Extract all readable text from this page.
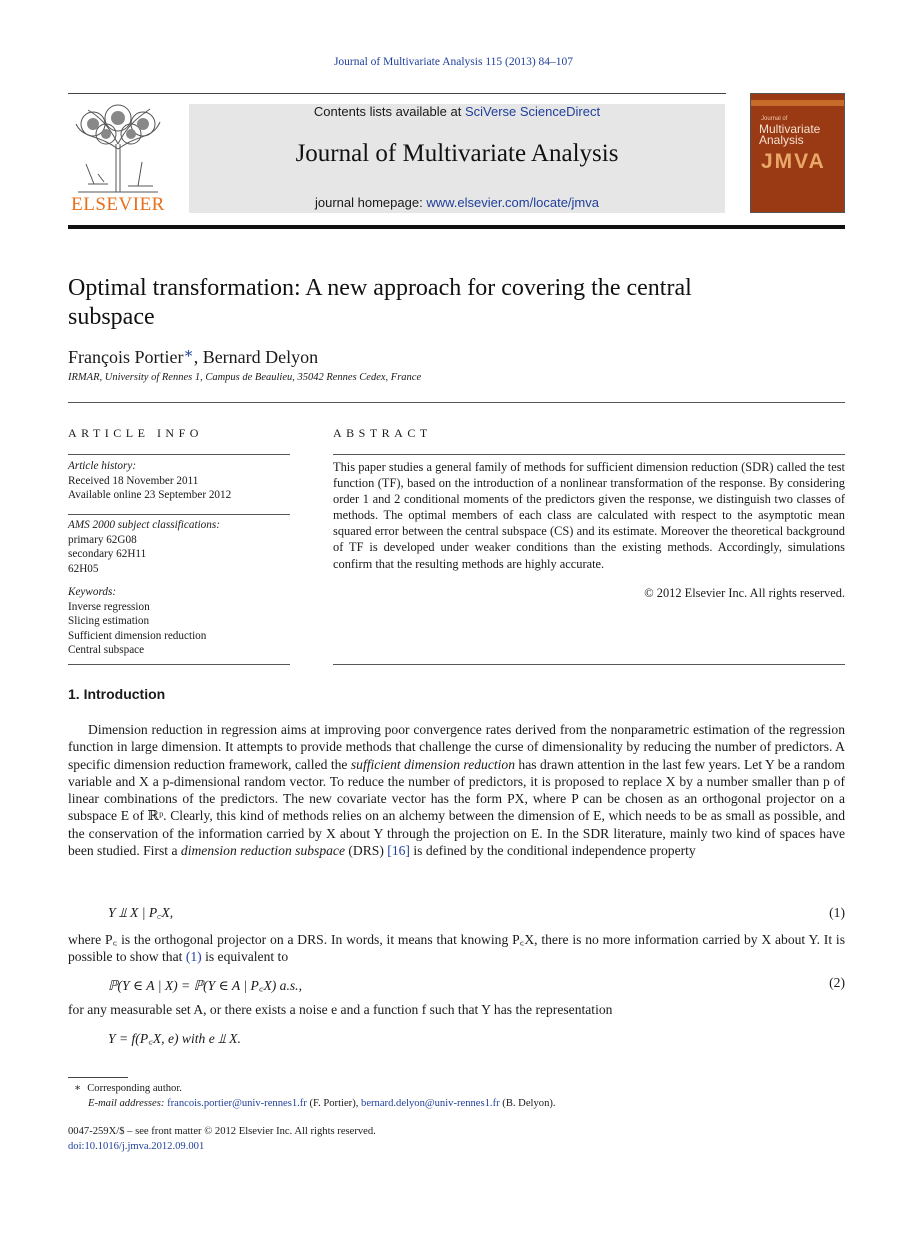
Journal of Multivariate Analysis 115 (2013) 84–107
ELSEVIER
Contents lists available at SciVerse ScienceDirect
Journal of Multivariate Analysis
journal homepage: www.elsevier.com/locate/jmva
Journal of
Multivariate Analysis
JMVA
Optimal transformation: A new approach for covering the central subspace
François Portier∗, Bernard Delyon
IRMAR, University of Rennes 1, Campus de Beaulieu, 35042 Rennes Cedex, France
ARTICLE INFO
Article history:
Received 18 November 2011
Available online 23 September 2012
AMS 2000 subject classifications:
primary 62G08
secondary 62H11
62H05
Keywords:
Inverse regression
Slicing estimation
Sufficient dimension reduction
Central subspace
ABSTRACT
This paper studies a general family of methods for sufficient dimension reduction (SDR) called the test function (TF), based on the introduction of a nonlinear transformation of the response. By considering order 1 and 2 conditional moments of the predictors given the response, we distinguish two classes of methods. The optimal members of each class are calculated with respect to the asymptotic mean squared error between the central subspace (CS) and its estimate. Moreover the theoretical background of TF is developed under weaker conditions than the existing methods. Accordingly, simulations confirm that the resulting methods are highly accurate.
© 2012 Elsevier Inc. All rights reserved.
1. Introduction
Dimension reduction in regression aims at improving poor convergence rates derived from the nonparametric estimation of the regression function in large dimension. It attempts to provide methods that challenge the curse of dimensionality by reducing the number of predictors. A specific dimension reduction framework, called the sufficient dimension reduction has drawn attention in the last few years. Let Y be a random variable and X a p-dimensional random vector. To reduce the number of predictors, it is proposed to replace X by a number smaller than p of linear combinations of the predictors. The new covariate vector has the form PX, where P can be chosen as an orthogonal projector on a subspace E of ℝᵖ. Clearly, this kind of methods relies on an alchemy between the dimension of E, which needs to be as small as possible, and the conservation of the information carried by X about Y through the projection on E. In the SDR literature, mainly two kind of spaces have been studied. First a dimension reduction subspace (DRS) [16] is defined by the conditional independence property
Y ⫫ X | P꜀X,	(1)
where P꜀ is the orthogonal projector on a DRS. In words, it means that knowing P꜀X, there is no more information carried by X about Y. It is possible to show that (1) is equivalent to
ℙ(Y ∈ A | X) = ℙ(Y ∈ A | P꜀X) a.s.,	(2)
for any measurable set A, or there exists a noise e and a function f such that Y has the representation
Y = f(P꜀X, e) with e ⫫ X.
∗ Corresponding author.
E-mail addresses: francois.portier@univ-rennes1.fr (F. Portier), bernard.delyon@univ-rennes1.fr (B. Delyon).
0047-259X/$ – see front matter © 2012 Elsevier Inc. All rights reserved.
doi:10.1016/j.jmva.2012.09.001
